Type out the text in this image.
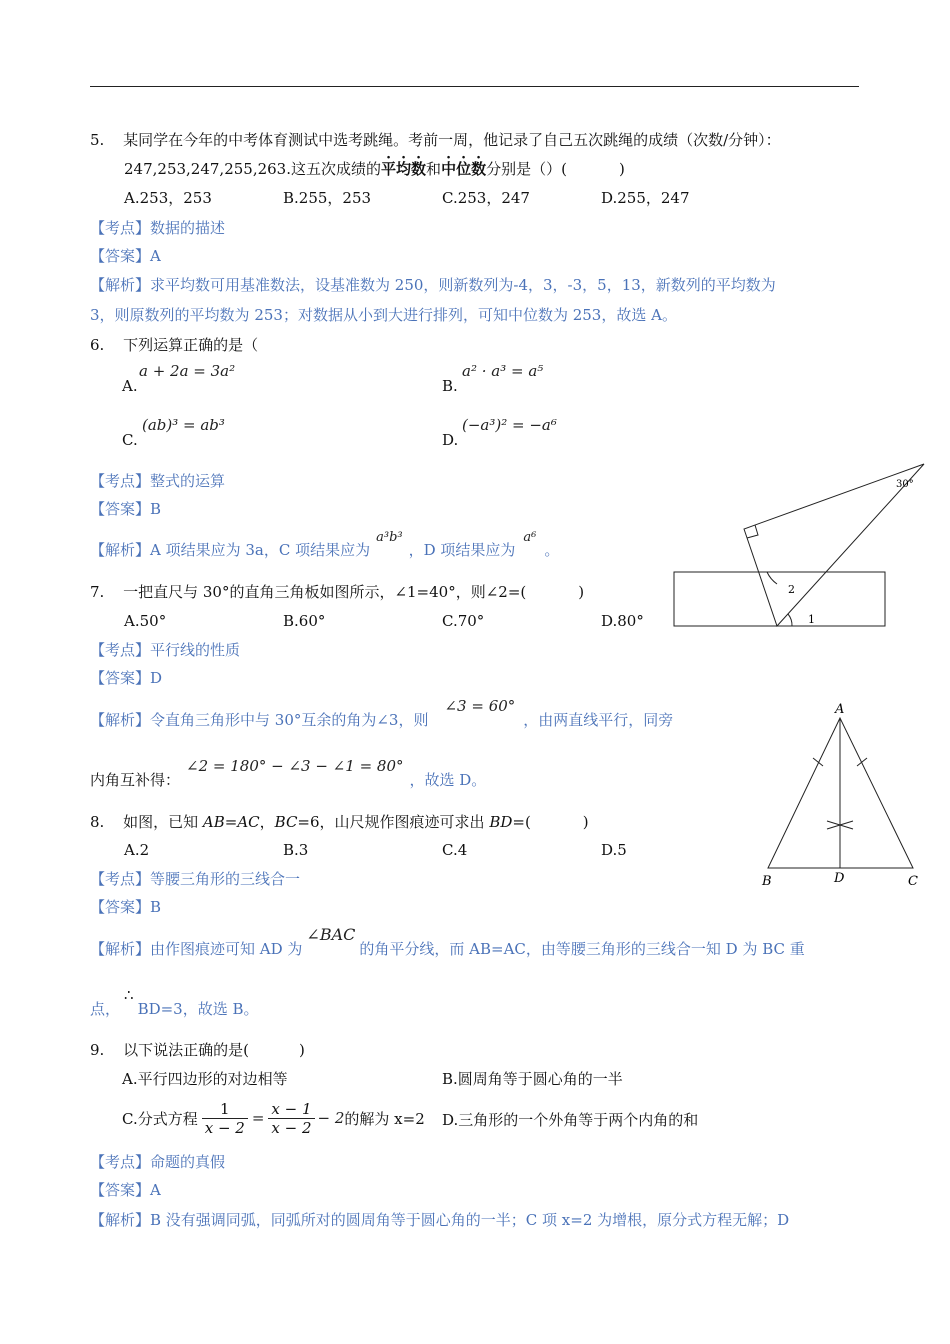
5. 某同学在今年的中考体育测试中选考跳绳。考前一周，他记录了自己五次跳绳的成绩（次数/分钟）：
247,253,247,255,263.这五次成绩的平均数和中位数分别是（）(	)
A.253，253	B.255，253	C.253，247	D.255，247
【考点】数据的描述
【答案】A
【解析】求平均数可用基准数法，设基准数为 250，则新数列为-4，3，-3，5，13，新数列的平均数为
3，则原数列的平均数为 253；对数据从小到大进行排列，可知中位数为 253，故选 A。
6. 下列运算正确的是（
A.
a + 2a = 3a²
B.
a² · a³ = a⁵
C.
(ab)³ = ab³
D.
(−a³)² = −a⁶
【考点】整式的运算
【答案】B
【解析】A 项结果应为 3a，C 项结果应为a³b³，D 项结果应为a⁶。
30°
2
1
7. 一把直尺与 30°的直角三角板如图所示，∠1=40°，则∠2=(	)
A.50°	B.60°	C.70°	D.80°
【考点】平行线的性质
【答案】D
【解析】令直角三角形中与 30°互余的角为∠3，则∠3 = 60°，由两直线平行，同旁
内角互补得：∠2 = 180° − ∠3 − ∠1 = 80°，故选 D。
A
B	D	C
8. 如图，已知 AB=AC，BC=6，山尺规作图痕迹可求出 BD=(	)
A.2	B.3	C.4	D.5
【考点】等腰三角形的三线合一
【答案】B
【解析】由作图痕迹可知 AD 为∠BAC的角平分线，而 AB=AC，由等腰三角形的三线合一知 D 为 BC 重
点，∴BD=3，故选 B。
9. 以下说法正确的是(	)
A.平行四边形的对边相等	B.圆周角等于圆心角的一半
C.分式方程 $\frac{1}{x - 2} = \frac{x - 1}{x - 2} - 2$ 的解为 x=2 D.三角形的一个外角等于两个内角的和
【考点】命题的真假
【答案】A
【解析】B 没有强调同弧，同弧所对的圆周角等于圆心角的一半；C 项 x=2 为增根，原分式方程无解；D
